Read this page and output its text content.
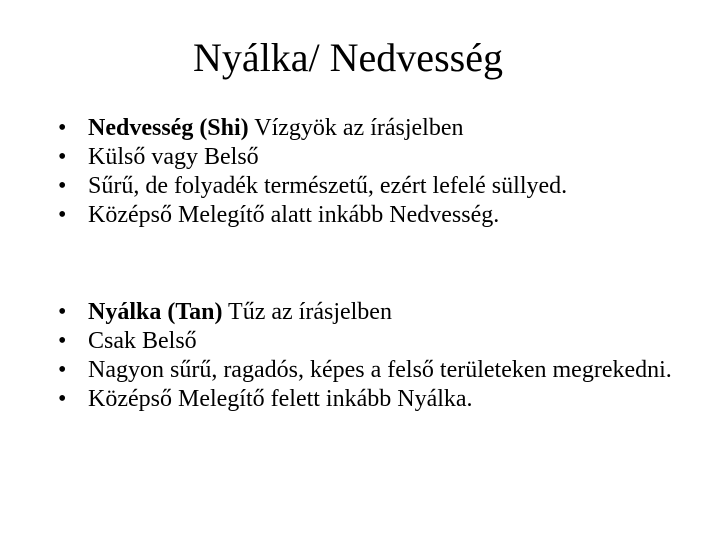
Nyálka/ Nedvesség
• Nedvesség (Shi) Vízgyök az írásjelben
• Külső vagy Belső
• Sűrű, de folyadék természetű, ezért lefelé süllyed.
• Középső Melegítő alatt inkább Nedvesség.
• Nyálka (Tan) Tűz az írásjelben
• Csak Belső
• Nagyon sűrű, ragadós, képes a felső területeken megrekedni.
• Középső Melegítő felett inkább Nyálka.
